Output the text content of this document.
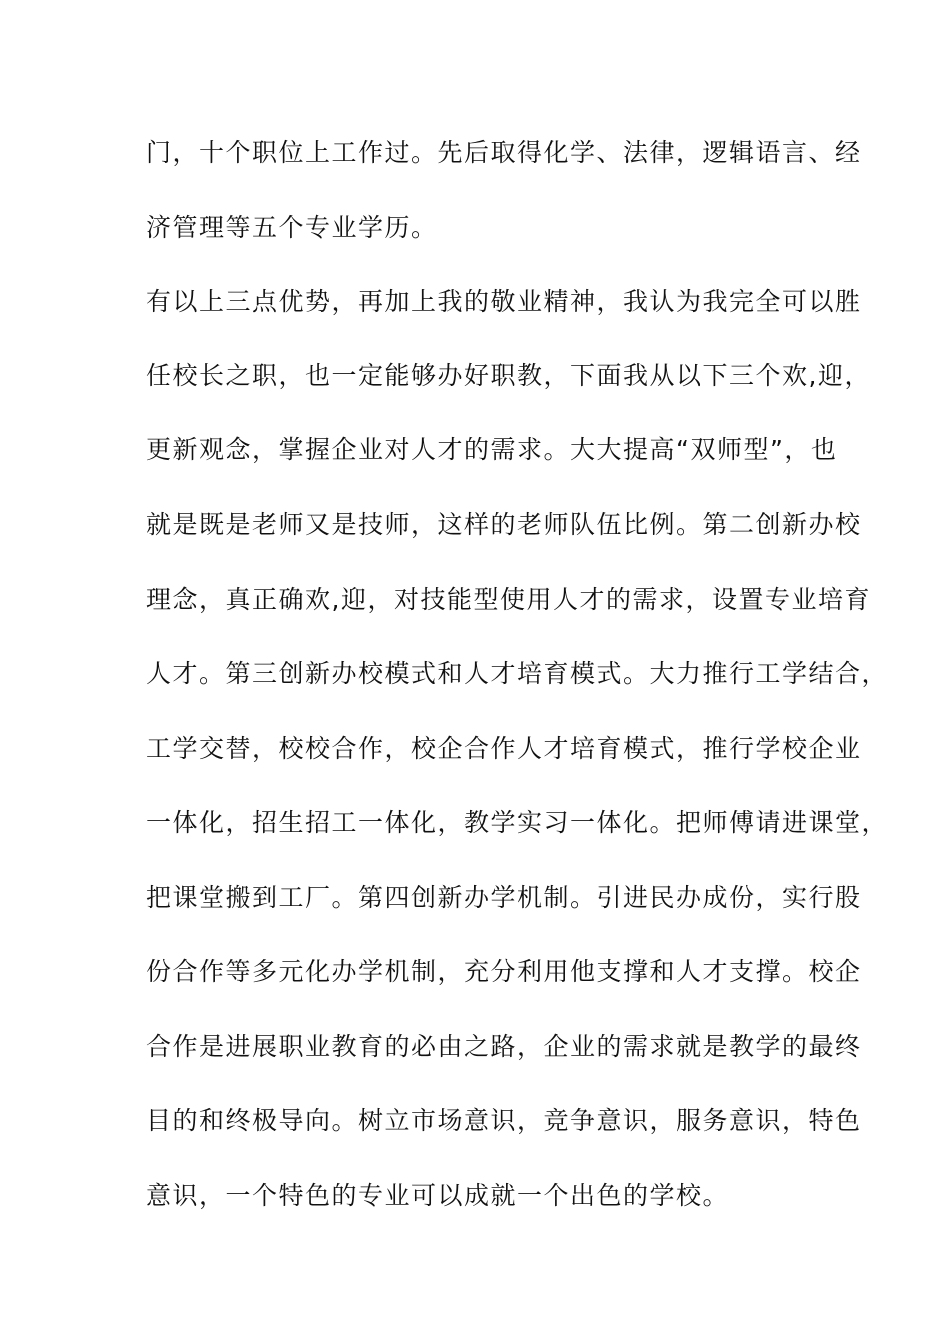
门，十个职位上工作过。先后取得化学、法律，逻辑语言、经
济管理等五个专业学历。
有以上三点优势，再加上我的敬业精神，我认为我完全可以胜
任校长之职，也一定能够办好职教，下面我从以下三个欢,迎，
更新观念，掌握企业对人才的需求。大大提高“双师型”，也
就是既是老师又是技师，这样的老师队伍比例。第二创新办校
理念，真正确欢,迎，对技能型使用人才的需求，设置专业培育
人才。第三创新办校模式和人才培育模式。大力推行工学结合，
工学交替，校校合作，校企合作人才培育模式，推行学校企业
一体化，招生招工一体化，教学实习一体化。把师傅请进课堂，
把课堂搬到工厂。第四创新办学机制。引进民办成份，实行股
份合作等多元化办学机制，充分利用他支撑和人才支撑。校企
合作是进展职业教育的必由之路，企业的需求就是教学的最终
目的和终极导向。树立市场意识，竞争意识，服务意识，特色
意识，一个特色的专业可以成就一个出色的学校。
